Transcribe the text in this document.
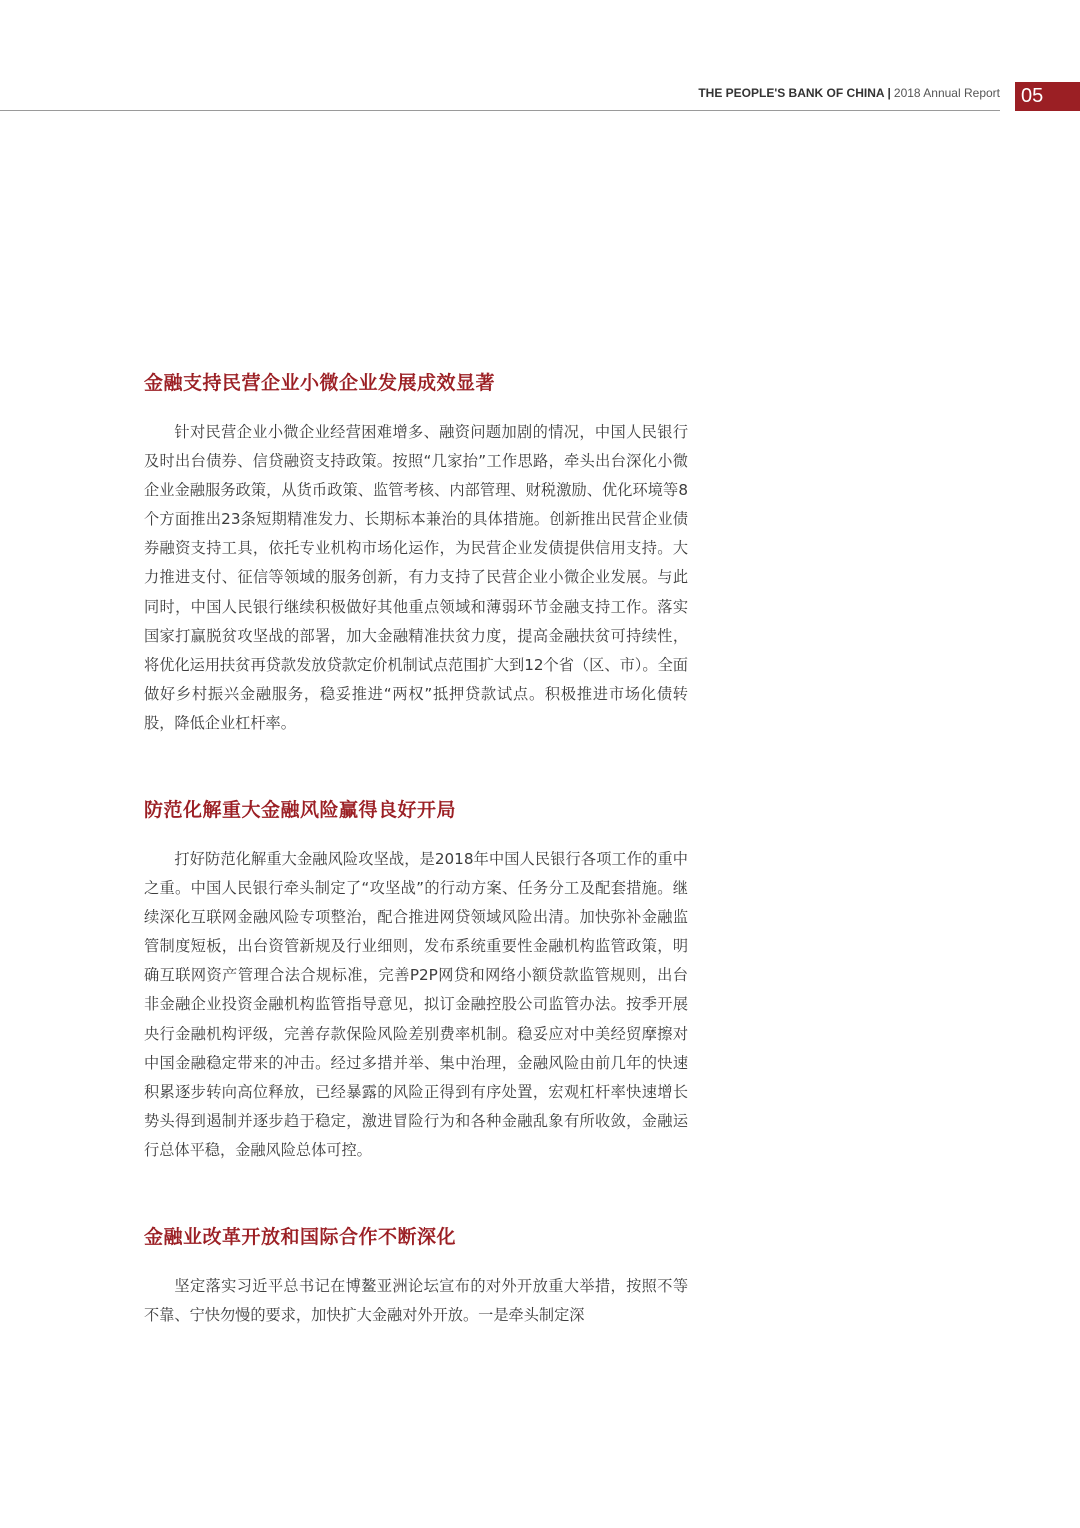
THE PEOPLE'S BANK OF CHINA | 2018 Annual Report	05
金融支持民营企业小微企业发展成效显著

针对民营企业小微企业经营困难增多、融资问题加剧的情况，中国人民银行及时出台债券、信贷融资支持政策。按照“几家抬”工作思路，牵头出台深化小微企业金融服务政策，从货币政策、监管考核、内部管理、财税激励、优化环境等8个方面推出23条短期精准发力、长期标本兼治的具体措施。创新推出民营企业债券融资支持工具，依托专业机构市场化运作，为民营企业发债提供信用支持。大力推进支付、征信等领域的服务创新，有力支持了民营企业小微企业发展。与此同时，中国人民银行继续积极做好其他重点领域和薄弱环节金融支持工作。落实国家打赢脱贫攻坚战的部署，加大金融精准扶贫力度，提高金融扶贫可持续性，将优化运用扶贫再贷款发放贷款定价机制试点范围扩大到12个省（区、市）。全面做好乡村振兴金融服务，稳妥推进“两权”抵押贷款试点。积极推进市场化债转股，降低企业杠杆率。

防范化解重大金融风险赢得良好开局

打好防范化解重大金融风险攻坚战，是2018年中国人民银行各项工作的重中之重。中国人民银行牵头制定了“攻坚战”的行动方案、任务分工及配套措施。继续深化互联网金融风险专项整治，配合推进网贷领域风险出清。加快弥补金融监管制度短板，出台资管新规及行业细则，发布系统重要性金融机构监管政策，明确互联网资产管理合法合规标准，完善P2P网贷和网络小额贷款监管规则，出台非金融企业投资金融机构监管指导意见，拟订金融控股公司监管办法。按季开展央行金融机构评级，完善存款保险风险差别费率机制。稳妥应对中美经贸摩擦对中国金融稳定带来的冲击。经过多措并举、集中治理，金融风险由前几年的快速积累逐步转向高位释放，已经暴露的风险正得到有序处置，宏观杠杆率快速增长势头得到遏制并逐步趋于稳定，激进冒险行为和各种金融乱象有所收敛，金融运行总体平稳，金融风险总体可控。

金融业改革开放和国际合作不断深化

坚定落实习近平总书记在博鳌亚洲论坛宣布的对外开放重大举措，按照不等不靠、宁快勿慢的要求，加快扩大金融对外开放。一是牵头制定深
